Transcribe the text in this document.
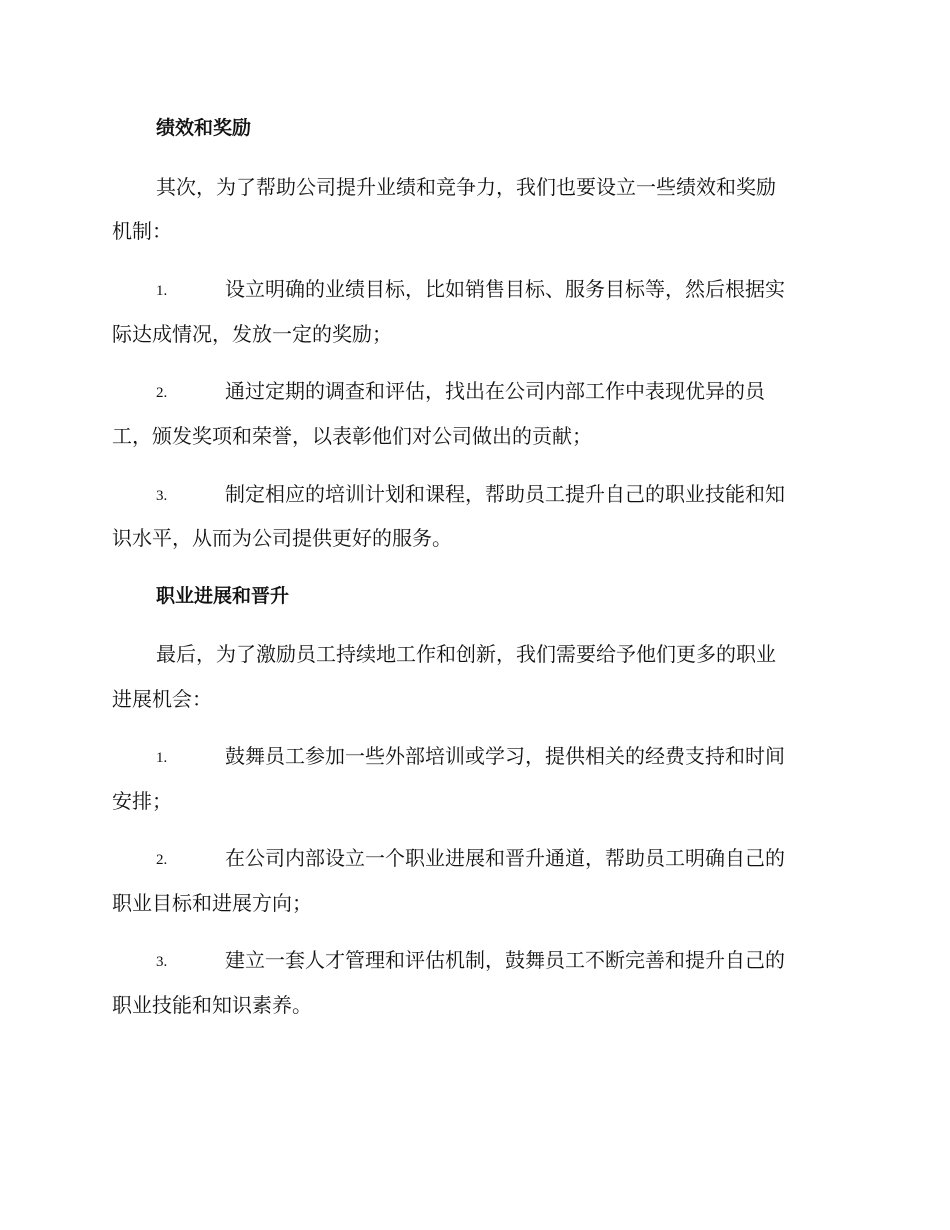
绩效和奖励

其次，为了帮助公司提升业绩和竞争力，我们也要设立一些绩效和奖励

机制：

1.	设立明确的业绩目标，比如销售目标、服务目标等，然后根据实

际达成情况，发放一定的奖励；

2.	通过定期的调查和评估，找出在公司内部工作中表现优异的员

工，颁发奖项和荣誉，以表彰他们对公司做出的贡献；

3.	制定相应的培训计划和课程，帮助员工提升自己的职业技能和知

识水平，从而为公司提供更好的服务。

职业进展和晋升

最后，为了激励员工持续地工作和创新，我们需要给予他们更多的职业

进展机会：

1.	鼓舞员工参加一些外部培训或学习，提供相关的经费支持和时间

安排；

2.	在公司内部设立一个职业进展和晋升通道，帮助员工明确自己的

职业目标和进展方向；

3.	建立一套人才管理和评估机制，鼓舞员工不断完善和提升自己的

职业技能和知识素养。
